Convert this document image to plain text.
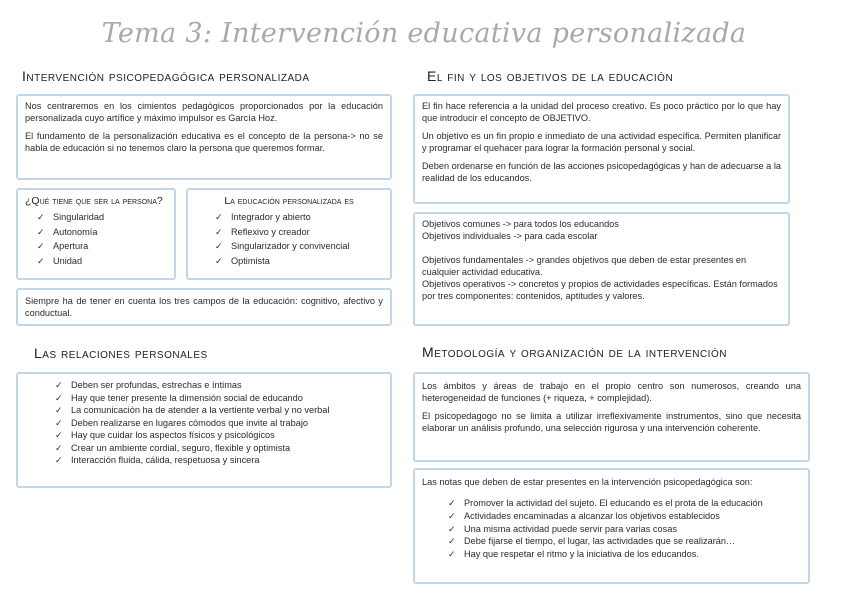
Tema 3: Intervención educativa personalizada
Intervención psicopedagógica personalizada

Nos centraremos en los cimientos pedagógicos proporcionados por la educación personalizada cuyo artífice y máximo impulsor es García Hoz.

El fundamento de la personalización educativa es el concepto de la persona-> no se habla de educación si no tenemos claro la persona que queremos formar.

¿Qué tiene que ser la persona?
✓ Singularidad
✓ Autonomía
✓ Apertura
✓ Unidad
La educación personalizada es
✓ Integrador y abierto
✓ Reflexivo y creador
✓ Singularizador y convivencial
✓ Optimista

Siempre ha de tener en cuenta los tres campos de la educación: cognitivo, afectivo y conductual.

Las relaciones personales
✓ Deben ser profundas, estrechas e íntimas
✓ Hay que tener presente la dimensión social de educando
✓ La comunicación ha de atender a la vertiente verbal y no verbal
✓ Deben realizarse en lugares cómodos que invite al trabajo
✓ Hay que cuidar los aspectos físicos y psicológicos
✓ Crear un ambiente cordial, seguro, flexible y optimista
✓ Interacción fluida, cálida, respetuosa y sincera
El fin y los objetivos de la educación

El fin hace referencia a la unidad del proceso creativo. Es poco práctico por lo que hay que introducir el concepto de OBJETIVO.

Un objetivo es un fin propio e inmediato de una actividad específica. Permiten planificar y programar el quehacer para lograr la formación personal y social.

Deben ordenarse en función de las acciones psicopedagógicas y han de adecuarse a la realidad de los educandos.

Objetivos comunes -> para todos los educandos
Objetivos individuales -> para cada escolar
Objetivos fundamentales -> grandes objetivos que deben de estar presentes en cualquier actividad educativa.
Objetivos operativos -> concretos y propios de actividades específicas. Están formados por tres componentes: contenidos, aptitudes y valores.
Metodología y organización de la intervención

Los ámbitos y áreas de trabajo en el propio centro son numerosos, creando una heterogeneidad de funciones (+ riqueza, + complejidad).

El psicopedagogo no se limita a utilizar irreflexivamente instrumentos, sino que necesita elaborar un análisis profundo, una selección rigurosa y una intervención coherente.

Las notas que deben de estar presentes en la intervención psicopedagógica son:
✓ Promover la actividad del sujeto. El educando es el prota de la educación
✓ Actividades encaminadas a alcanzar los objetivos establecidos
✓ Una misma actividad puede servir para varias cosas
✓ Debe fijarse el tiempo, el lugar, las actividades que se realizarán…
✓ Hay que respetar el ritmo y la iniciativa de los educandos.
